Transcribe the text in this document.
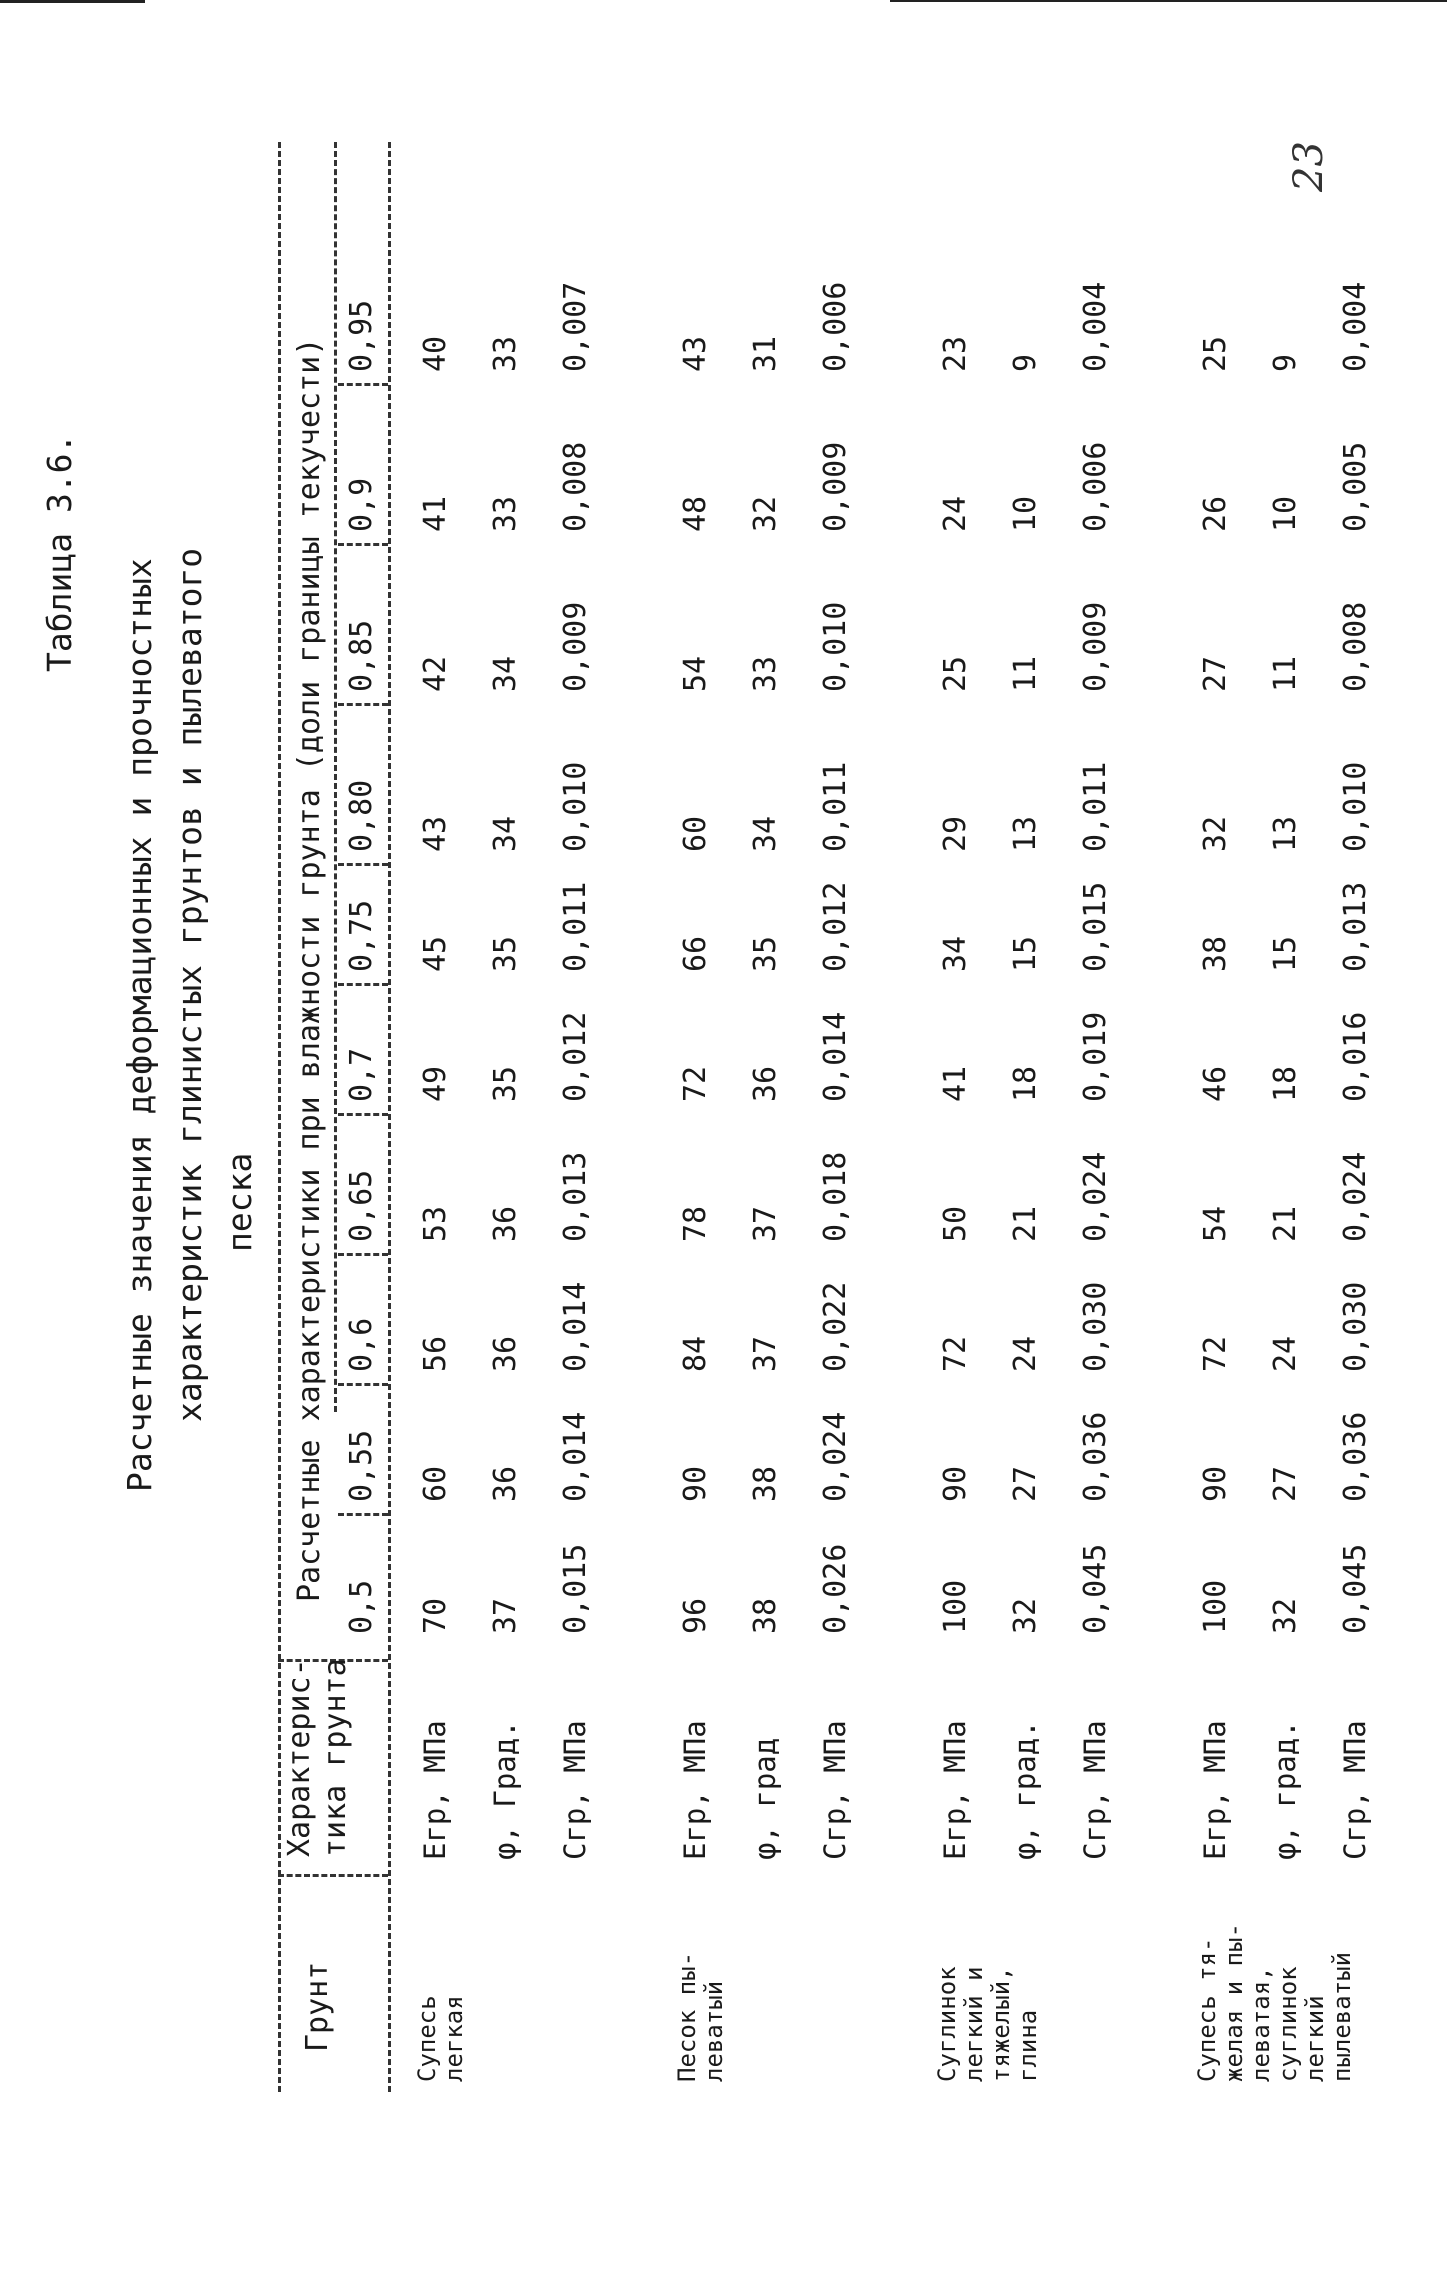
23
Таблица 3.6.
Расчетные значения деформационных и прочностных характеристик глинистых грунтов и пылеватого песка
Грунт
Характерис-
тика грунта
Расчетные характеристики при влажности грунта (доли границы текучести)
0,5
0,55
0,6
0,65
0,7
0,75
0,80
0,85
0,9
0,95
Супесь
легкая
Eгр, МПа
70
60
56
53
49
45
43
42
41
40
φ, Град.
37
36
36
36
35
35
34
34
33
33
Cгр, МПа
0,015
0,014
0,014
0,013
0,012
0,011
0,010
0,009
0,008
0,007
Песок пы-
леватый
Eгр, МПа
96
90
84
78
72
66
60
54
48
43
φ, град
38
38
37
37
36
35
34
33
32
31
Cгр, МПа
0,026
0,024
0,022
0,018
0,014
0,012
0,011
0,010
0,009
0,006
Суглинок
легкий и
тяжелый,
глина
Eгр, МПа
100
90
72
50
41
34
29
25
24
23
φ, град.
32
27
24
21
18
15
13
11
10
9
Cгр, МПа
0,045
0,036
0,030
0,024
0,019
0,015
0,011
0,009
0,006
0,004
Супесь тя-
желая и пы-
леватая,
суглинок
легкий
пылеватый
Eгр, МПа
100
90
72
54
46
38
32
27
26
25
φ, град.
32
27
24
21
18
15
13
11
10
9
Cгр, МПа
0,045
0,036
0,030
0,024
0,016
0,013
0,010
0,008
0,005
0,004
